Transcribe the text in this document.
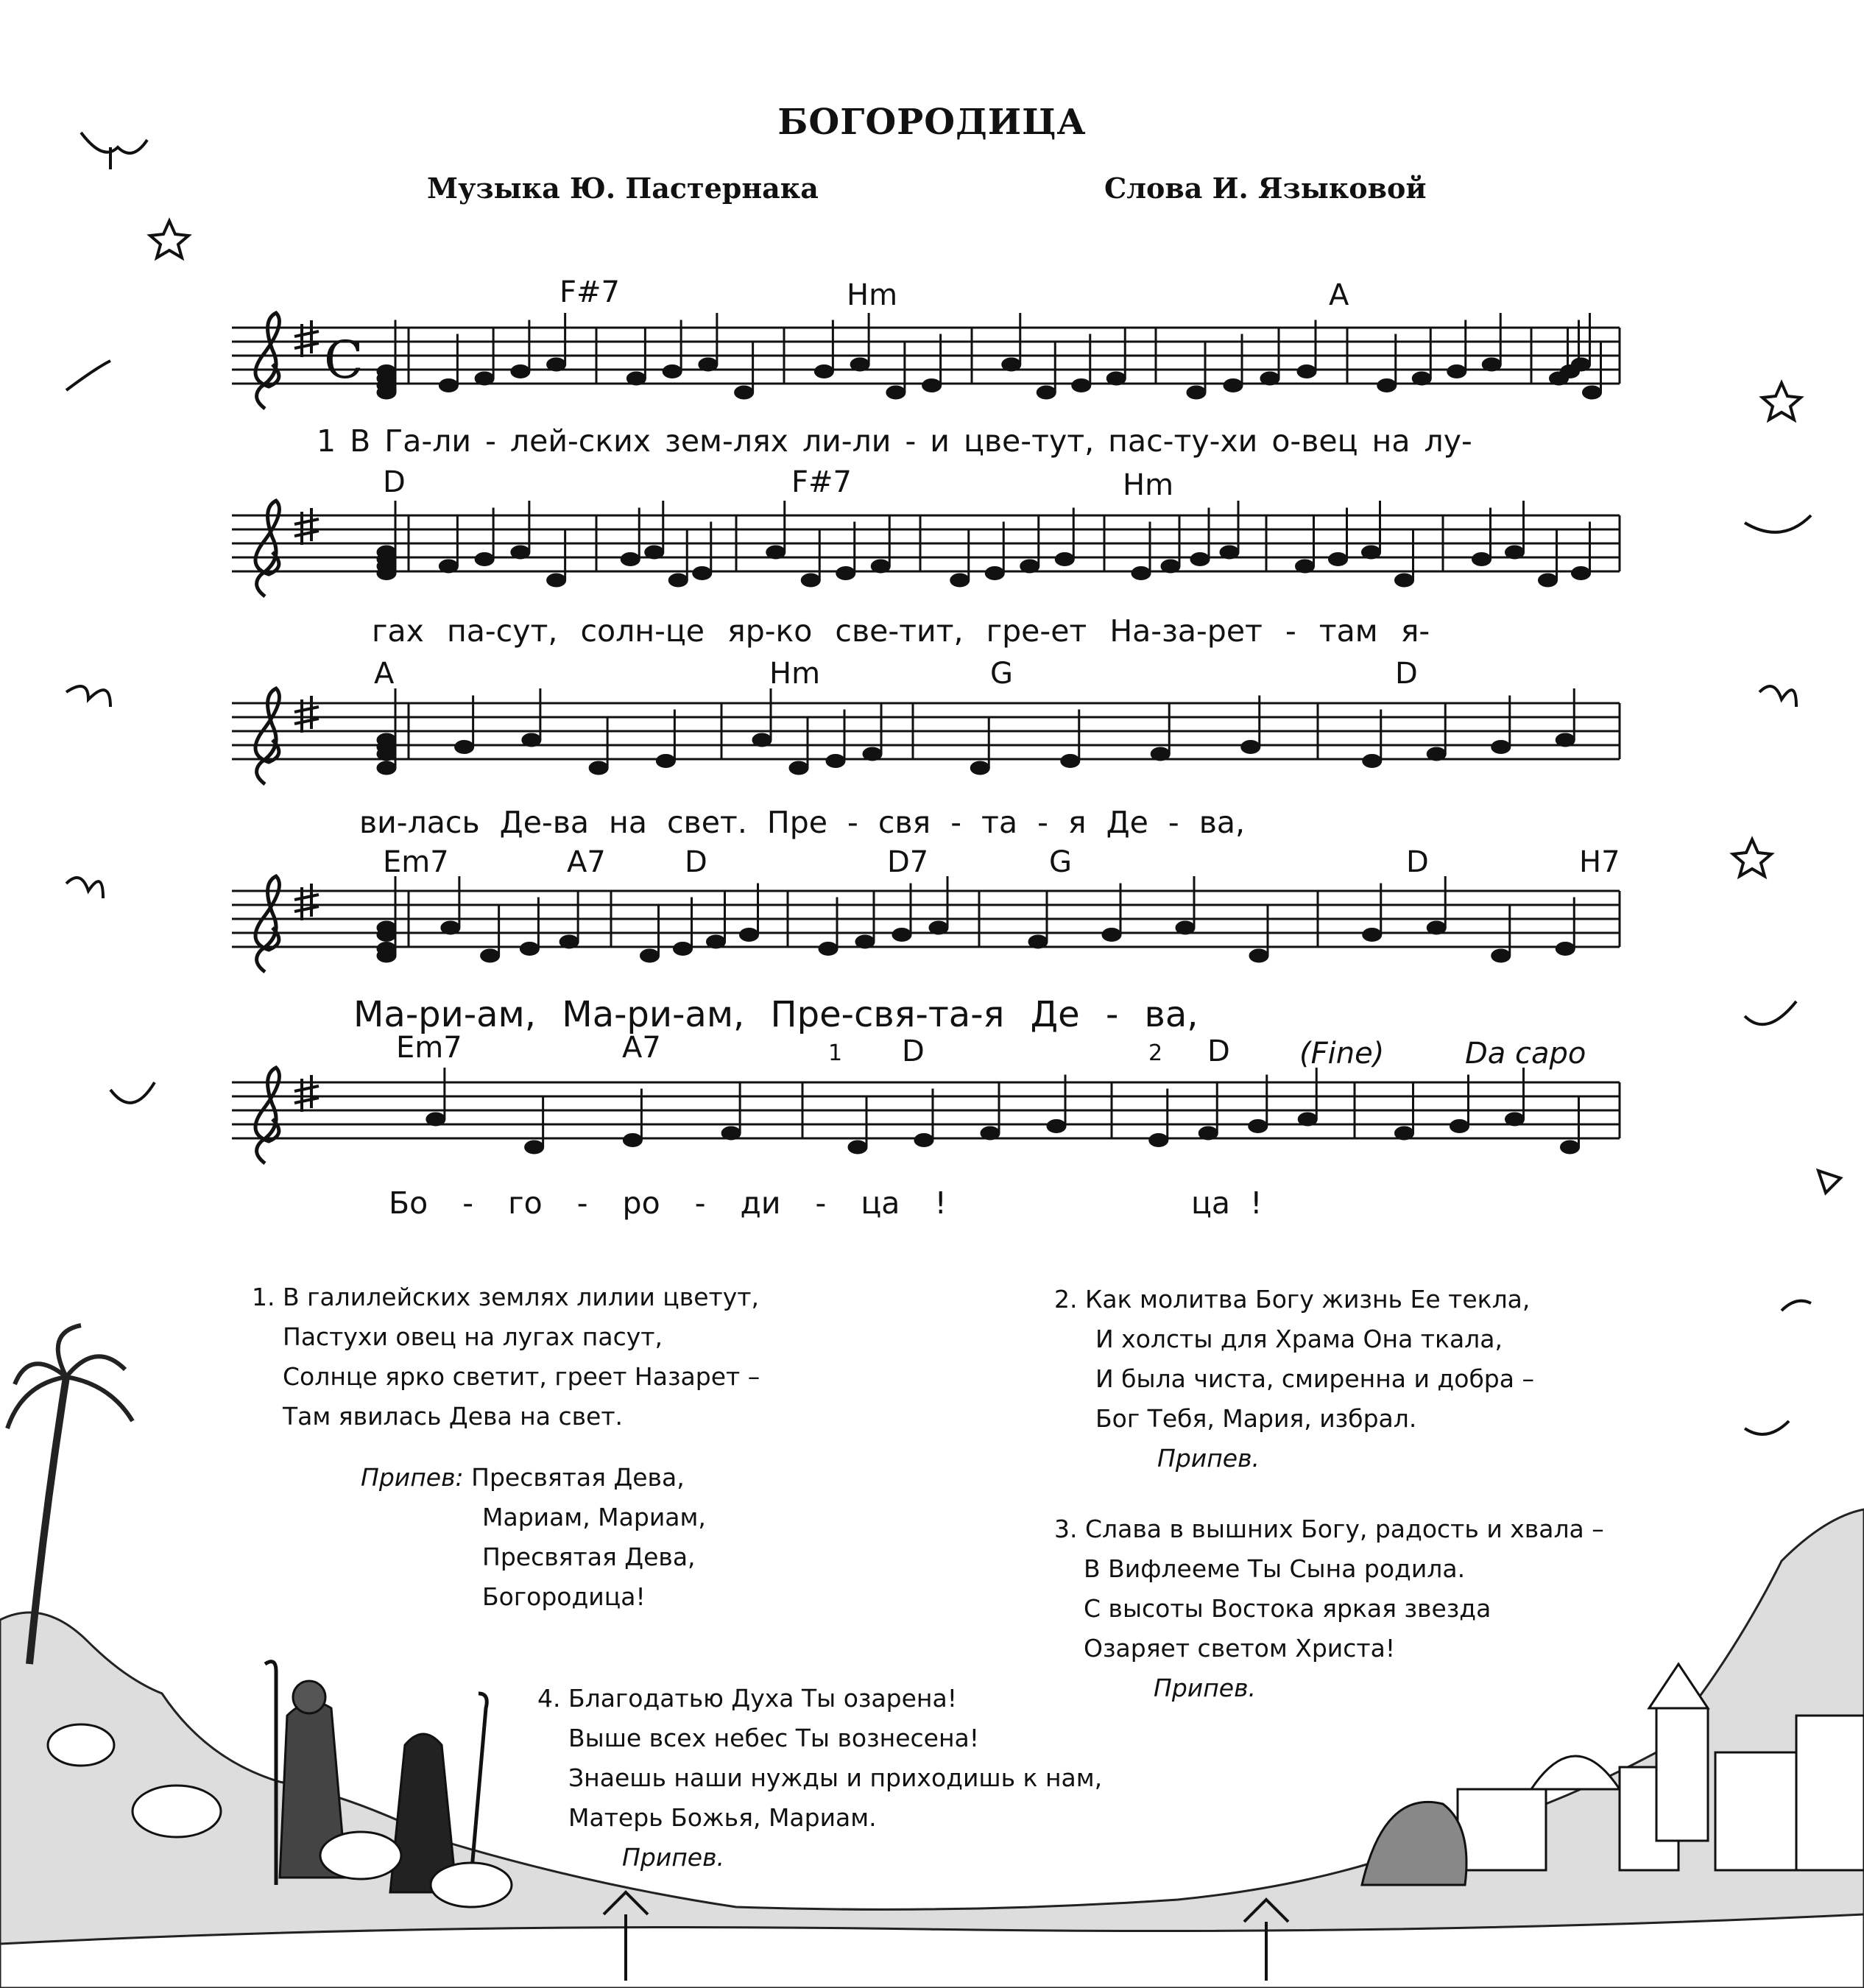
БОГОРОДИЦА
Музыка Ю. Пастернака	Слова И. Языковой
C
F#7	Hm	A
D	F#7	Hm
A	Hm	G	D
Em7	A7	D	D7	G	D	H7
Em7	A7	D	D
1	2	(Fine)	Da capo
1 В Га-ли - лей-ских зем-лях ли-ли - и цве-тут, пас-ту-хи о-вец на лу-
гах па-сут, солн-це яр-ко све-тит, гре-ет На-за-рет - там я-
ви-лась Де-ва на свет. Пре - свя - та - я Де - ва,
Ма-ри-ам, Ма-ри-ам, Пре-свя-та-я Де - ва,
Бо - го - ро - ди - ца !	ца !
1. В галилейских землях лилии цветут,
Пастухи овец на лугах пасут,
Солнце ярко светит, греет Назарет –
Там явилась Дева на свет.
Припев: Пресвятая Дева,
Мариам, Мариам,
Пресвятая Дева,
Богородица!
2. Как молитва Богу жизнь Ее текла,
И холсты для Храма Она ткала,
И была чиста, смиренна и добра –
Бог Тебя, Мария, избрал.
Припев.
3. Слава в вышних Богу, радость и хвала –
В Вифлееме Ты Сына родила.
С высоты Востока яркая звезда
Озаряет светом Христа!
Припев.
4. Благодатью Духа Ты озарена!
Выше всех небес Ты вознесена!
Знаешь наши нужды и приходишь к нам,
Матерь Божья, Мариам.
Припев.
